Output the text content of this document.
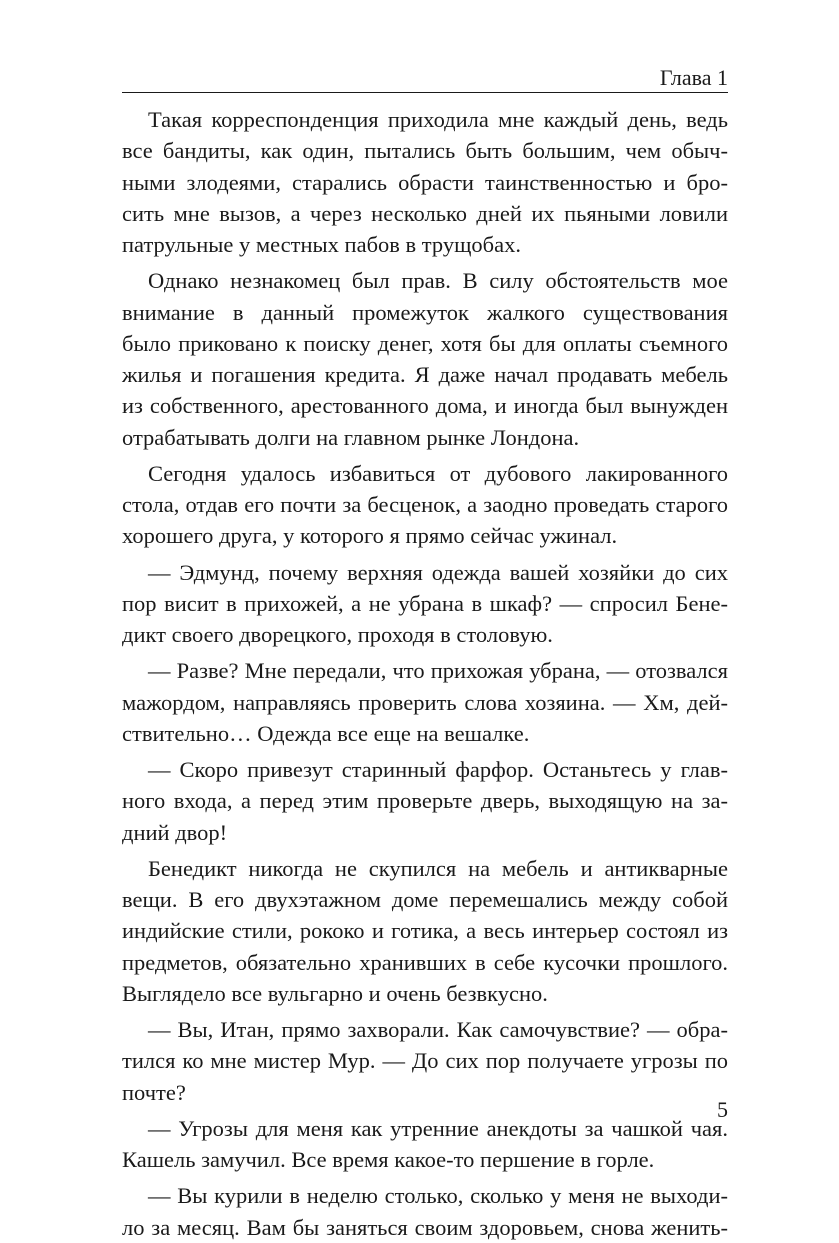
Глава 1
Такая корреспонденция приходила мне каждый день, ведь
все бандиты, как один, пытались быть большим, чем обыч-
ными злодеями, старались обрасти таинственностью и бро-
сить мне вызов, а через несколько дней их пьяными ловили
патрульные у местных пабов в трущобах.
Однако незнакомец был прав. В силу обстоятельств мое
внимание в данный промежуток жалкого существования
было приковано к поиску денег, хотя бы для оплаты съемного
жилья и погашения кредита. Я даже начал продавать мебель
из собственного, арестованного дома, и иногда был вынужден
отрабатывать долги на главном рынке Лондона.
Сегодня удалось избавиться от дубового лакированного
стола, отдав его почти за бесценок, а заодно проведать старого
хорошего друга, у которого я прямо сейчас ужинал.
— Эдмунд, почему верхняя одежда вашей хозяйки до сих
пор висит в прихожей, а не убрана в шкаф? — спросил Бене-
дикт своего дворецкого, проходя в столовую.
— Разве? Мне передали, что прихожая убрана, — отозвался
мажордом, направляясь проверить слова хозяина. — Хм, дей-
ствительно… Одежда все еще на вешалке.
— Скоро привезут старинный фарфор. Останьтесь у глав-
ного входа, а перед этим проверьте дверь, выходящую на за-
дний двор!
Бенедикт никогда не скупился на мебель и антикварные
вещи. В его двухэтажном доме перемешались между собой
индийские стили, рококо и готика, а весь интерьер состоял из
предметов, обязательно хранивших в себе кусочки прошлого.
Выглядело все вульгарно и очень безвкусно.
— Вы, Итан, прямо захворали. Как самочувствие? — обра-
тился ко мне мистер Мур. — До сих пор получаете угрозы по
почте?
— Угрозы для меня как утренние анекдоты за чашкой чая.
Кашель замучил. Все время какое-то першение в горле.
— Вы курили в неделю столько, сколько у меня не выходи-
ло за месяц. Вам бы заняться своим здоровьем, снова женить-
5
